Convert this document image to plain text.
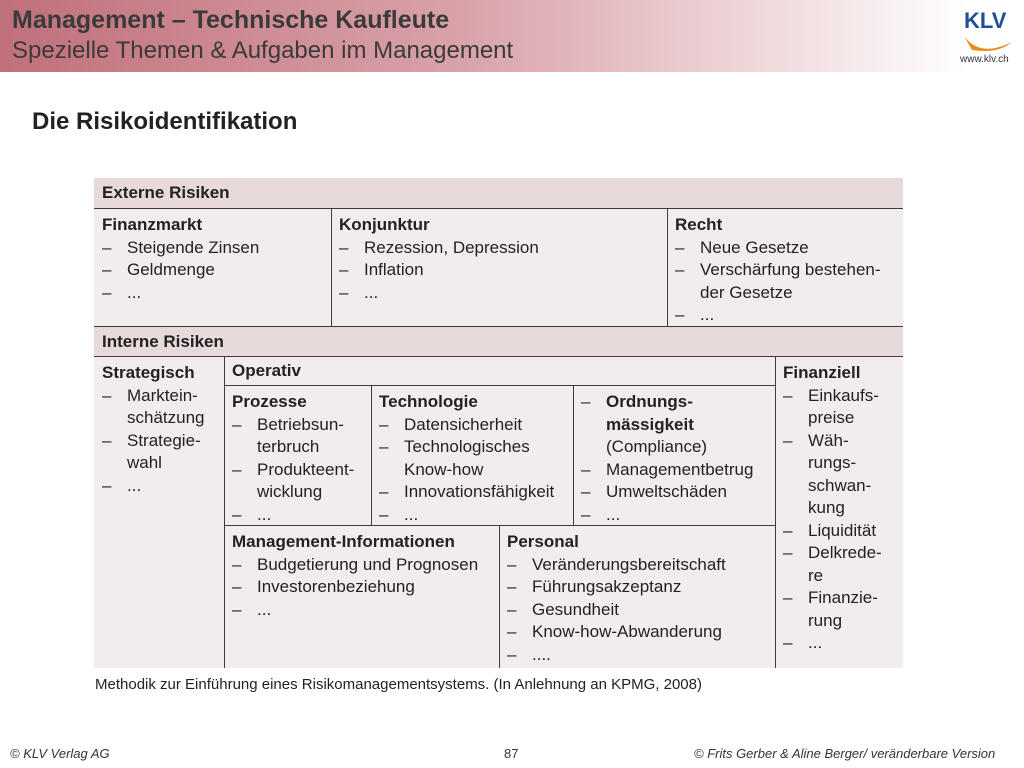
Management – Technische Kaufleute
Spezielle Themen & Aufgaben im Management
KLV
www.klv.ch
Die Risikoidentifikation
Externe Risiken
Finanzmarkt
– Steigende Zinsen
– Geldmenge
– ...
Konjunktur
– Rezession, Depression
– Inflation
– ...
Recht
– Neue Gesetze
– Verschärfung bestehen-der Gesetze
– ...
Interne Risiken
Strategisch
– Marktein-schätzung
– Strategie-wahl
– ...
Operativ
Prozesse
– Betriebsun-terbruch
– Produkteent-wicklung
– ...
Technologie
– Datensicherheit
– Technologisches Know-how
– Innovationsfähigkeit
– ...
– Ordnungs-mässigkeit
(Compliance)
– Managementbetrug
– Umweltschäden
– ...
Management-Informationen
– Budgetierung und Prognosen
– Investorenbeziehung
– ...
Personal
– Veränderungsbereitschaft
– Führungsakzeptanz
– Gesundheit
– Know-how-Abwanderung
– ....
Finanziell
– Einkaufs-preise
– Wäh-rungs-schwan-kung
– Liquidität
– Delkrede-re
– Finanzie-rung
– ...
Methodik zur Einführung eines Risikomanagementsystems. (In Anlehnung an KPMG, 2008)
© KLV Verlag AG	87	© Frits Gerber & Aline Berger/ veränderbare Version
